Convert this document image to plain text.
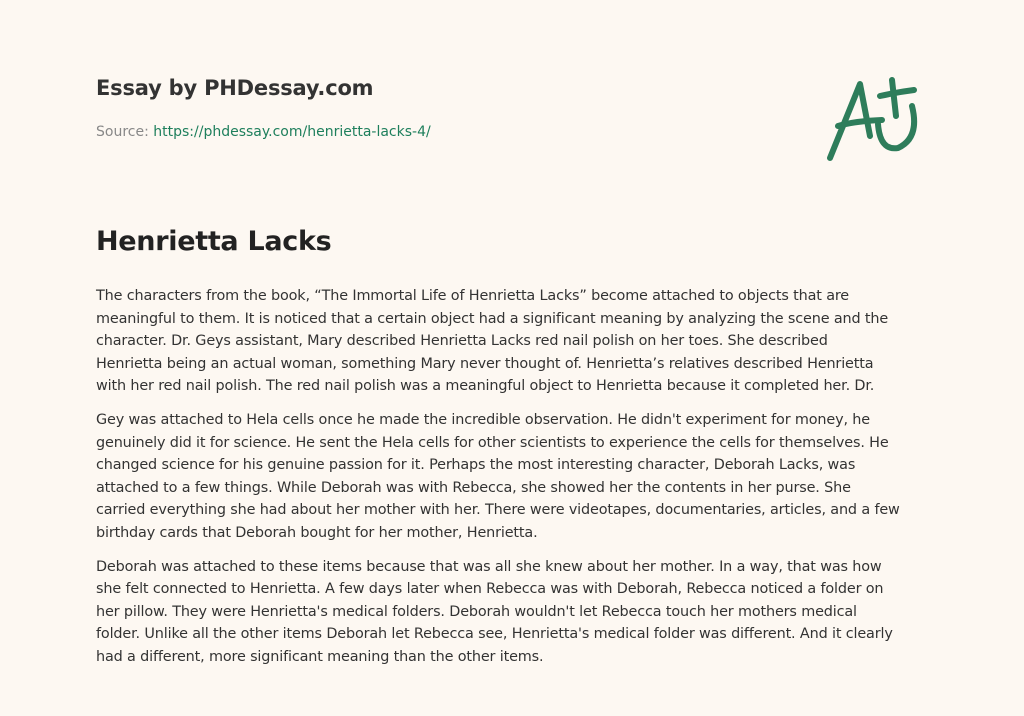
Essay by PHDessay.com
Source: https://phdessay.com/henrietta-lacks-4/
Henrietta Lacks

The characters from the book, “The Immortal Life of Henrietta Lacks” become attached to objects that are
meaningful to them. It is noticed that a certain object had a significant meaning by analyzing the scene and the
character. Dr. Geys assistant, Mary described Henrietta Lacks red nail polish on her toes. She described
Henrietta being an actual woman, something Mary never thought of. Henrietta’s relatives described Henrietta
with her red nail polish. The red nail polish was a meaningful object to Henrietta because it completed her. Dr.

Gey was attached to Hela cells once he made the incredible observation. He didn't experiment for money, he
genuinely did it for science. He sent the Hela cells for other scientists to experience the cells for themselves. He
changed science for his genuine passion for it. Perhaps the most interesting character, Deborah Lacks, was
attached to a few things. While Deborah was with Rebecca, she showed her the contents in her purse. She
carried everything she had about her mother with her. There were videotapes, documentaries, articles, and a few
birthday cards that Deborah bought for her mother, Henrietta.

Deborah was attached to these items because that was all she knew about her mother. In a way, that was how
she felt connected to Henrietta. A few days later when Rebecca was with Deborah, Rebecca noticed a folder on
her pillow. They were Henrietta's medical folders. Deborah wouldn't let Rebecca touch her mothers medical
folder. Unlike all the other items Deborah let Rebecca see, Henrietta's medical folder was different. And it clearly
had a different, more significant meaning than the other items.
